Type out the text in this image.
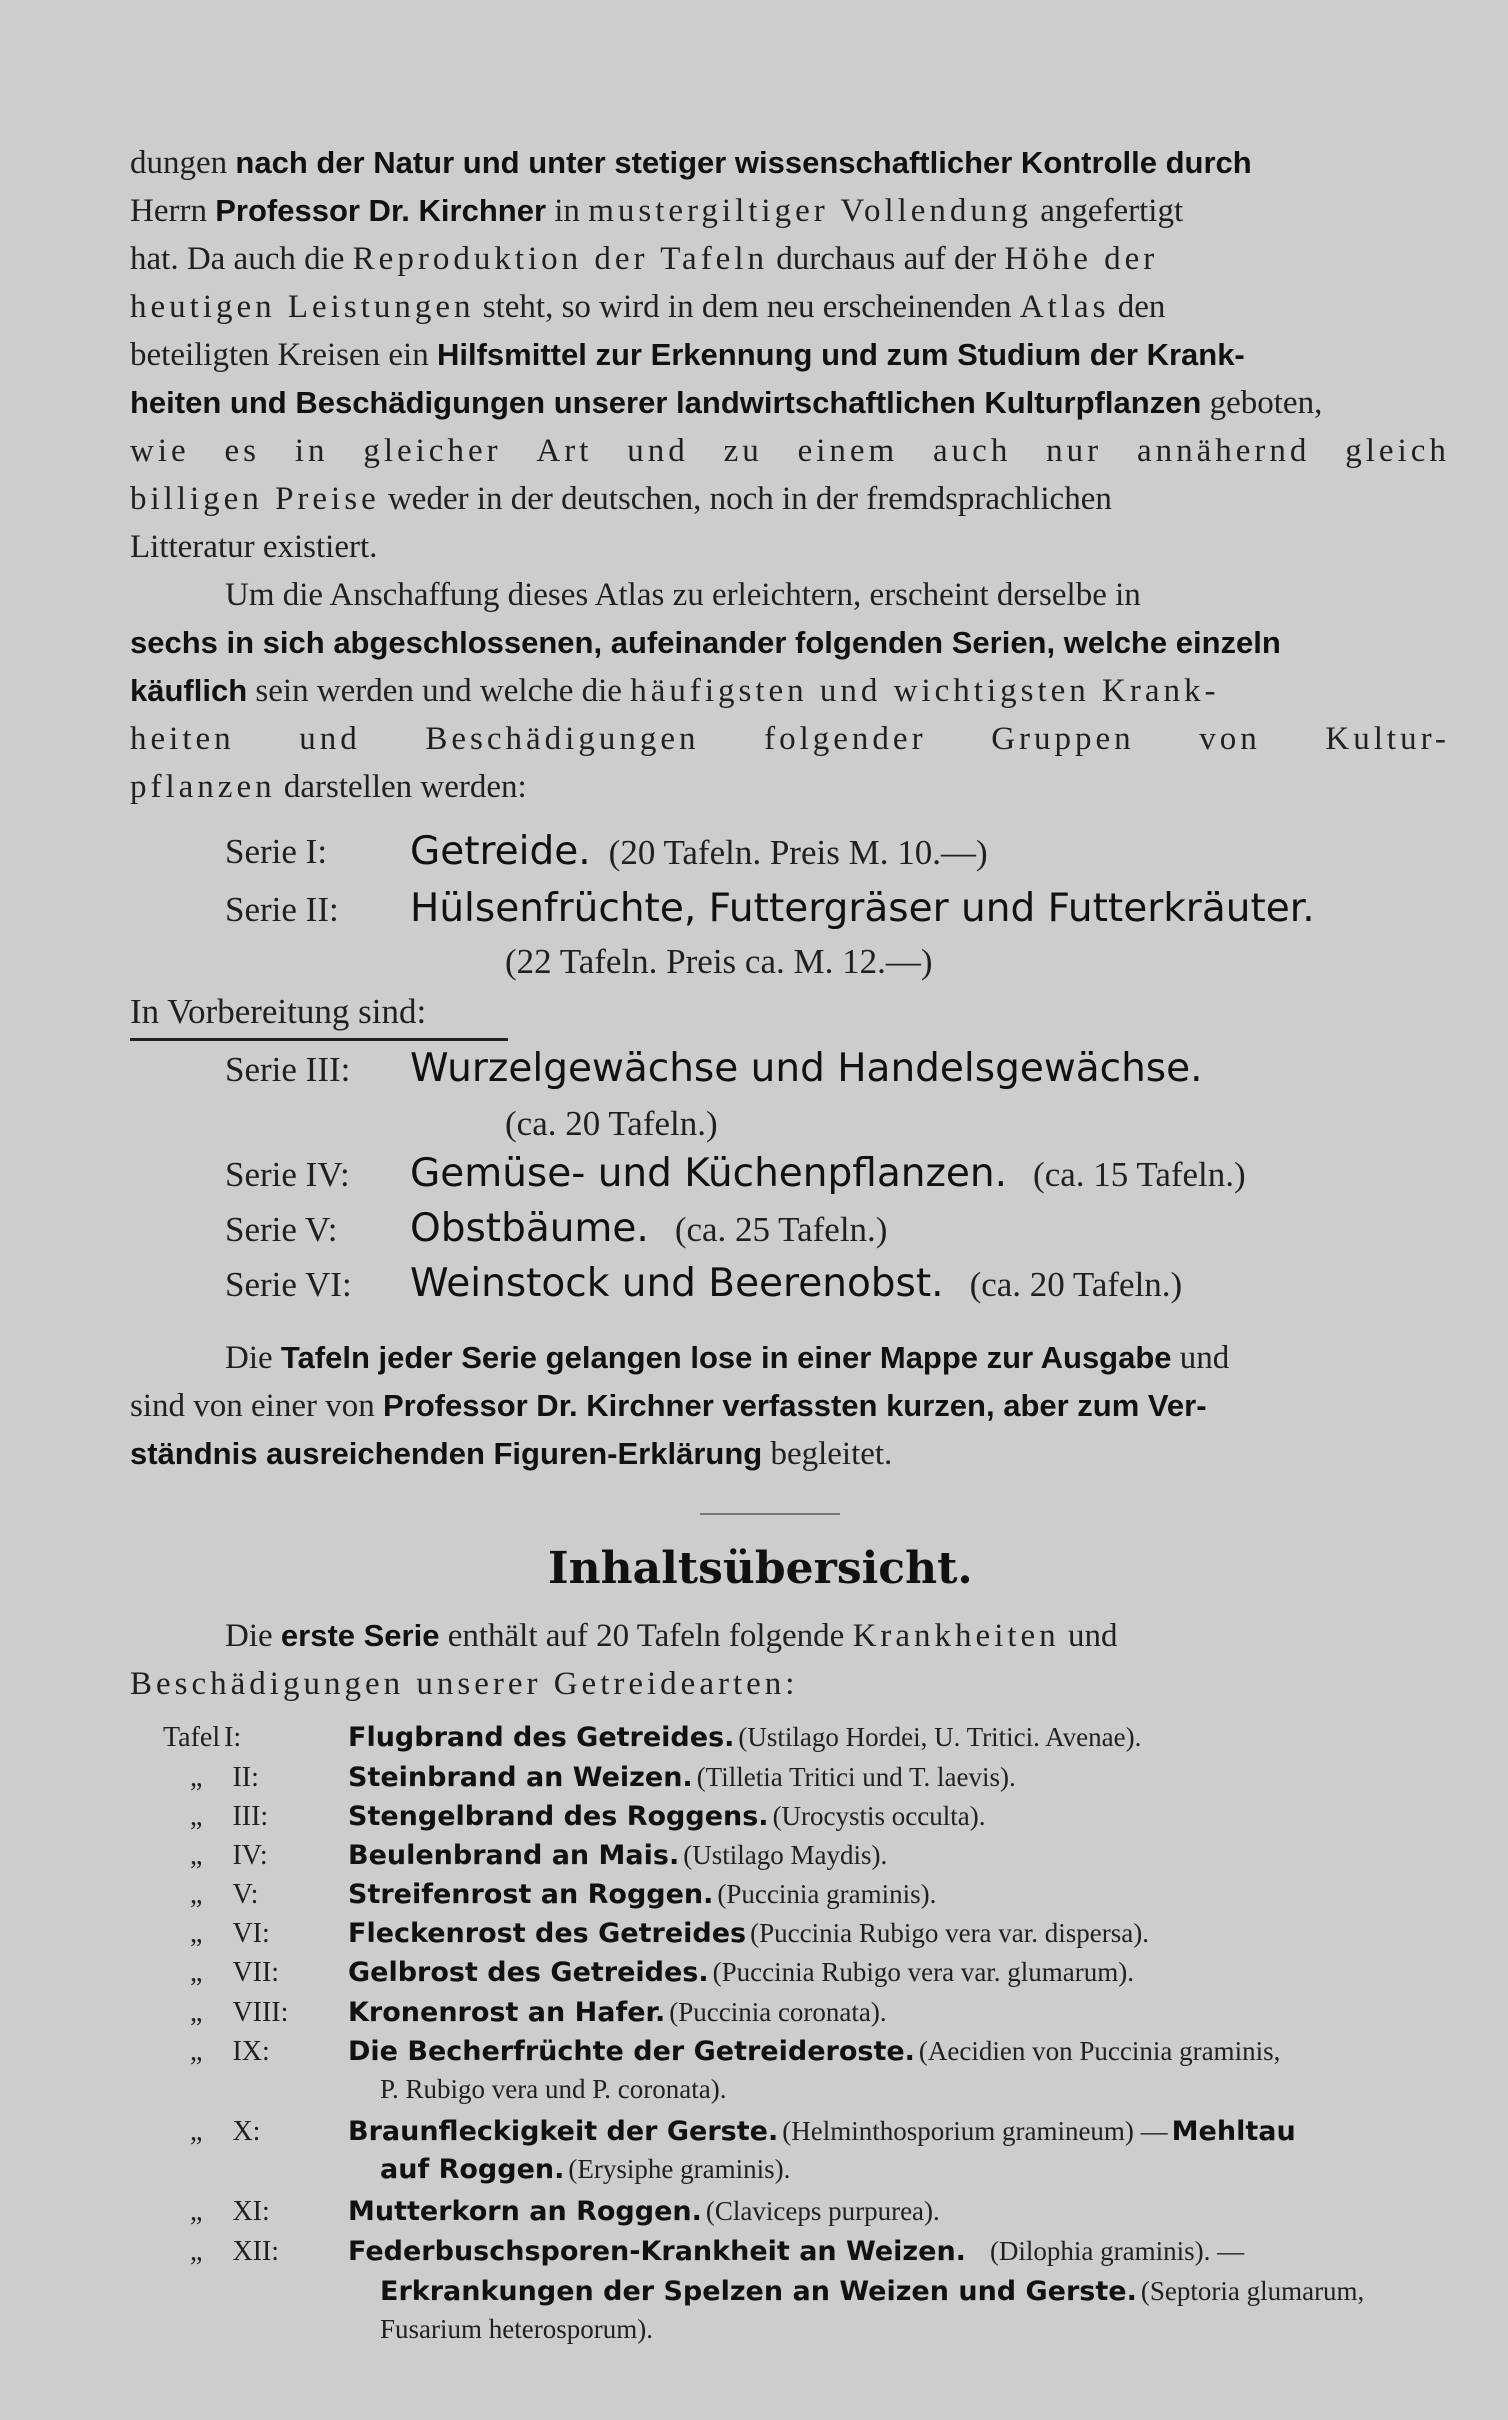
dungen nach der Natur und unter stetiger wissenschaftlicher Kontrolle durch
Herrn Professor Dr. Kirchner in mustergiltiger Vollendung angefertigt
hat. Da auch die Reproduktion der Tafeln durchaus auf der Höhe der
heutigen Leistungen steht, so wird in dem neu erscheinenden Atlas den
beteiligten Kreisen ein Hilfsmittel zur Erkennung und zum Studium der Krank-
heiten und Beschädigungen unserer landwirtschaftlichen Kulturpflanzen geboten,
wie es in gleicher Art und zu einem auch nur annähernd gleich
billigen Preise weder in der deutschen, noch in der fremdsprachlichen
Litteratur existiert.
Um die Anschaffung dieses Atlas zu erleichtern, erscheint derselbe in
sechs in sich abgeschlossenen, aufeinander folgenden Serien, welche einzeln
käuflich sein werden und welche die häufigsten und wichtigsten Krank-
heiten und Beschädigungen folgender Gruppen von Kultur-
pflanzen darstellen werden:
Serie I: Getreide. (20 Tafeln. Preis M. 10.—)
Serie II: Hülsenfrüchte, Futtergräser und Futterkräuter.
(22 Tafeln. Preis ca. M. 12.—)
In Vorbereitung sind:
Serie III: Wurzelgewächse und Handelsgewächse.
(ca. 20 Tafeln.)
Serie IV: Gemüse- und Küchenpflanzen. (ca. 15 Tafeln.)
Serie V: Obstbäume. (ca. 25 Tafeln.)
Serie VI: Weinstock und Beerenobst. (ca. 20 Tafeln.)
Die Tafeln jeder Serie gelangen lose in einer Mappe zur Ausgabe und
sind von einer von Professor Dr. Kirchner verfassten kurzen, aber zum Ver-
ständnis ausreichenden Figuren-Erklärung begleitet.
Inhaltsübersicht.
Die erste Serie enthält auf 20 Tafeln folgende Krankheiten und
Beschädigungen unserer Getreidearten:
Tafel I:	Flugbrand des Getreides. (Ustilago Hordei, U. Tritici. Avenae).
„ II:	Steinbrand an Weizen. (Tilletia Tritici und T. laevis).
„ III:	Stengelbrand des Roggens. (Urocystis occulta).
„ IV:	Beulenbrand an Mais. (Ustilago Maydis).
„ V:	Streifenrost an Roggen. (Puccinia graminis).
„ VI:	Fleckenrost des Getreides (Puccinia Rubigo vera var. dispersa).
„ VII:	Gelbrost des Getreides. (Puccinia Rubigo vera var. glumarum).
„ VIII: Kronenrost an Hafer. (Puccinia coronata).
„ IX:	Die Becherfrüchte der Getreideroste. (Aecidien von Puccinia graminis,
P. Rubigo vera und P. coronata).
„ X:	Braunfleckigkeit der Gerste. (Helminthosporium gramineum) — Mehltau
auf Roggen. (Erysiphe graminis).
„ XI:	Mutterkorn an Roggen. (Claviceps purpurea).
„ XII:	Federbuschsporen-Krankheit an Weizen. (Dilophia graminis). —
Erkrankungen der Spelzen an Weizen und Gerste. (Septoria glumarum,
Fusarium heterosporum).
